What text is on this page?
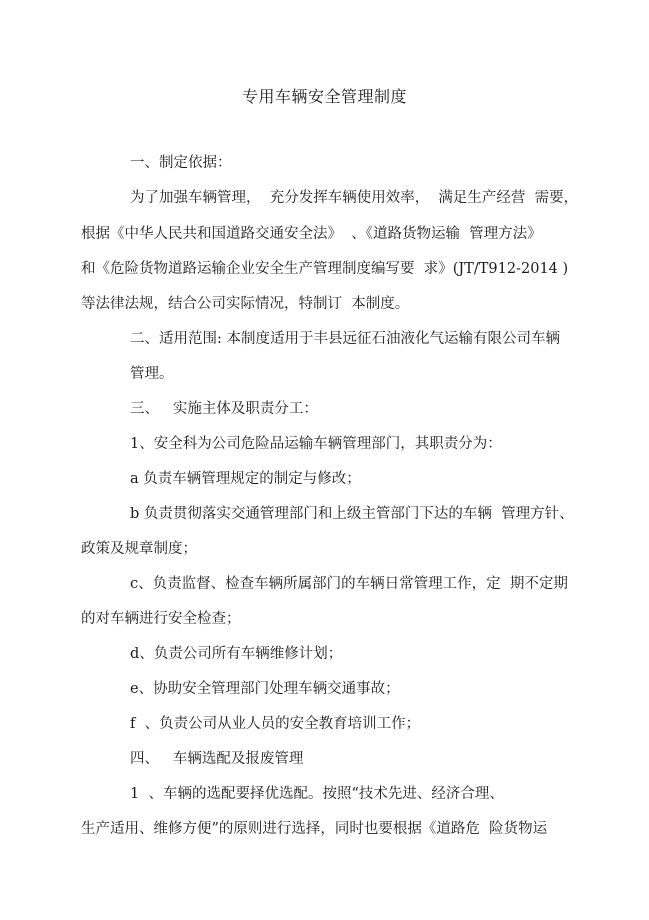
专用车辆安全管理制度
一、制定依据：
为了加强车辆管理，  充分发挥车辆使用效率，  满足生产经营  需要，
根据《中华人民共和国道路交通安全法》  、《道路货物运输  管理方法》
和《危险货物道路运输企业安全生产管理制度编写要  求》(JT/T912-2014 )
等法律法规，结合公司实际情况，特制订  本制度。
二、适用范围: 本制度适用于丰县远征石油液化气运输有限公司车辆
管理。
三、   实施主体及职责分工：
1、安全科为公司危险品运输车辆管理部门，其职责分为：
a 负责车辆管理规定的制定与修改；
b 负责贯彻落实交通管理部门和上级主管部门下达的车辆  管理方针、
政策及规章制度；
c、负责监督、检查车辆所属部门的车辆日常管理工作，定  期不定期
的对车辆进行安全检查；
d、负责公司所有车辆维修计划；
e、协助安全管理部门处理车辆交通事故；
f  、负责公司从业人员的安全教育培训工作；
四、   车辆选配及报废管理
1  、车辆的选配要择优选配。按照“技术先进、经济合理、
生产适用、维修方便”的原则进行选择，同时也要根据《道路危  险货物运
